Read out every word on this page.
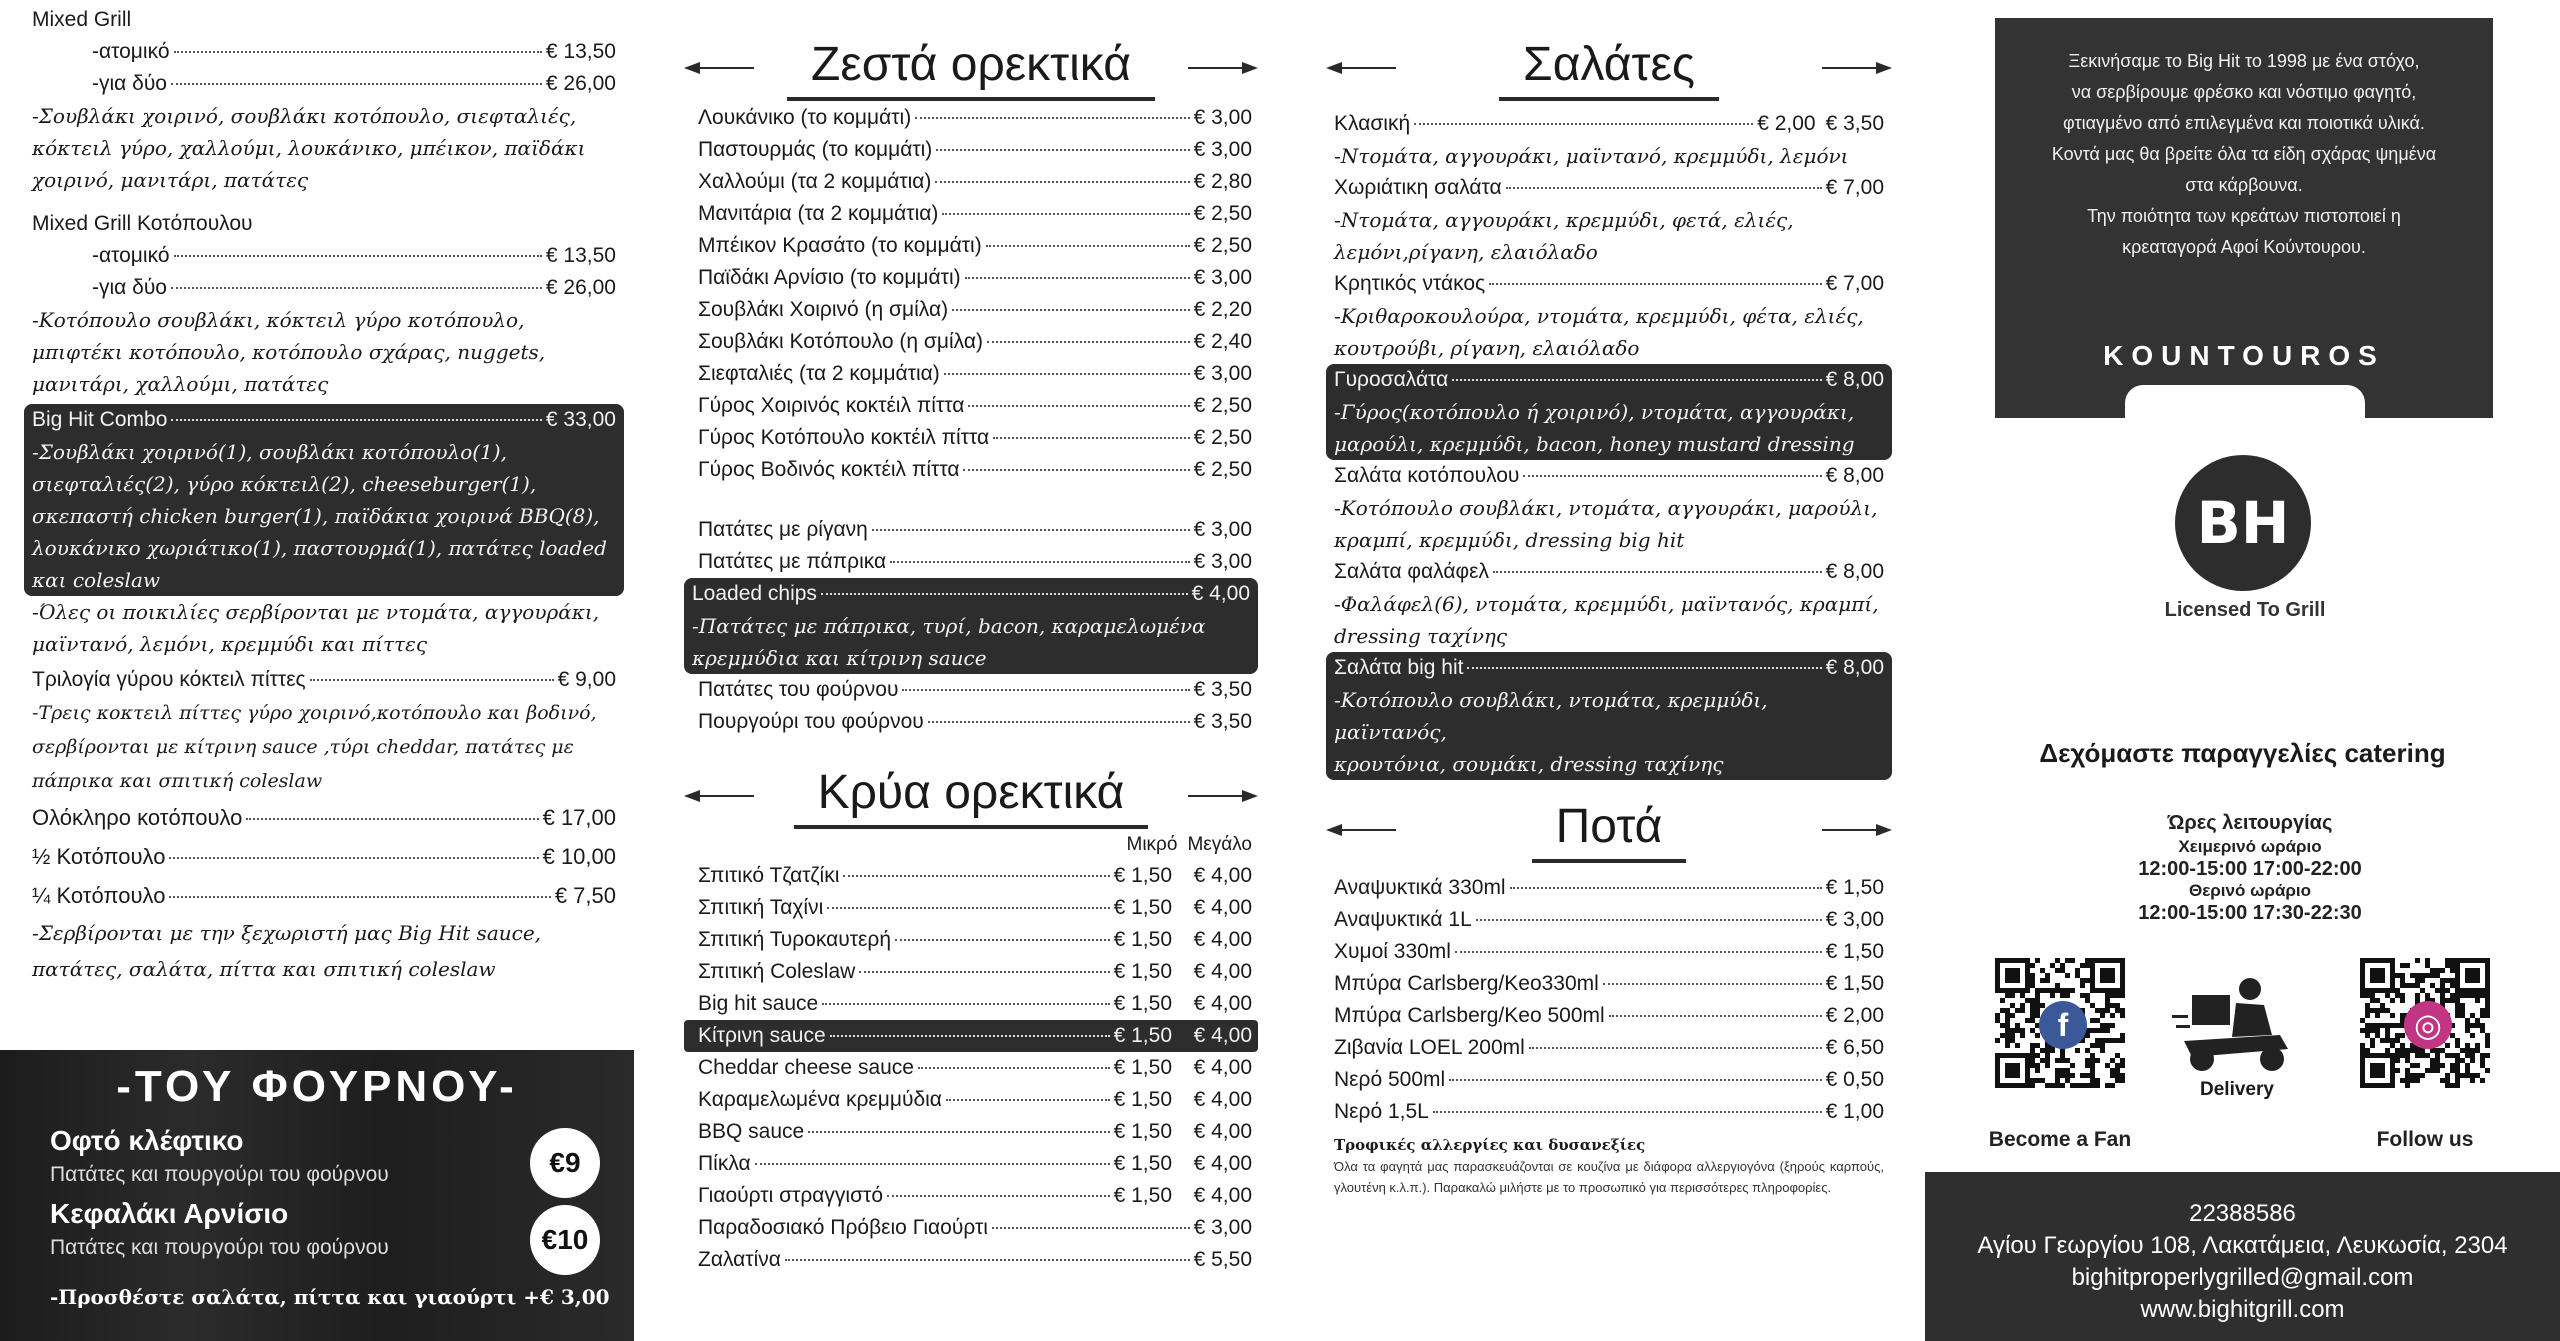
Mixed Grill
-ατομικό	€ 13,50
-για δύο	€ 26,00
-Σουβλάκι χοιρινό, σουβλάκι κοτόπουλο, σιεφταλιές,
κόκτειλ γύρο, χαλλούμι, λουκάνικο, μπέικον, παϊδάκι
χοιρινό, μανιτάρι, πατάτες
Mixed Grill Κοτόπουλου
-ατομικό	€ 13,50
-για δύο	€ 26,00
-Κοτόπουλο σουβλάκι, κόκτειλ γύρο κοτόπουλο,
μπιφτέκι κοτόπουλο, κοτόπουλο σχάρας, nuggets,
μανιτάρι, χαλλούμι, πατάτες
Big Hit Combo	€ 33,00
-Σουβλάκι χοιρινό(1), σουβλάκι κοτόπουλο(1),
σιεφταλιές(2), γύρο κόκτειλ(2), cheeseburger(1),
σκεπαστή chicken burger(1), παϊδάκια χοιρινά BBQ(8),
λουκάνικο χωριάτικο(1), παστουρμά(1), πατάτες loaded
και coleslaw
-Όλες οι ποικιλίες σερβίρονται με ντομάτα, αγγουράκι,
μαϊντανό, λεμόνι, κρεμμύδι και πίττες
Τριλογία γύρου κόκτειλ πίττες	€ 9,00
-Τρεις κοκτειλ πίττες γύρο χοιρινό,κοτόπουλο και βοδινό,
σερβίρονται με κίτρινη sauce ,τύρι cheddar, πατάτες με
πάπρικα και σπιτική coleslaw
Ολόκληρο κοτόπουλο	€ 17,00
½ Κοτόπουλο	€ 10,00
¼ Κοτόπουλο	€ 7,50
-Σερβίρονται με την ξεχωριστή μας Big Hit sauce,
πατάτες, σαλάτα, πίττα και σπιτική coleslaw
-ΤΟΥ ΦΟΥΡΝΟΥ-
Οφτό κλέφτικο
Πατάτες και πουργούρι του φούρνου	€9
Κεφαλάκι Αρνίσιο
Πατάτες και πουργούρι του φούρνου	€10
-Προσθέστε σαλάτα, πίττα και γιαούρτι +€ 3,00
Ζεστά ορεκτικά
Λουκάνικο (το κομμάτι)	€ 3,00
Παστουρμάς (το κομμάτι)	€ 3,00
Χαλλούμι (τα 2 κομμάτια)	€ 2,80
Μανιτάρια (τα 2 κομμάτια)	€ 2,50
Μπέικον Κρασάτο (το κομμάτι)	€ 2,50
Παϊδάκι Αρνίσιο (το κομμάτι)	€ 3,00
Σουβλάκι Χοιρινό (η σμίλα)	€ 2,20
Σουβλάκι Κοτόπουλο (η σμίλα)	€ 2,40
Σιεφταλιές (τα 2 κομμάτια)	€ 3,00
Γύρος Χοιρινός κοκτέιλ πίττα	€ 2,50
Γύρος Κοτόπουλο κοκτέιλ πίττα	€ 2,50
Γύρος Βοδινός κοκτέιλ πίττα	€ 2,50
Πατάτες με ρίγανη	€ 3,00
Πατάτες με πάπρικα	€ 3,00
Loaded chips	€ 4,00
-Πατάτες με πάπρικα, τυρί, bacon, καραμελωμένα
κρεμμύδια και κίτρινη sauce
Πατάτες του φούρνου	€ 3,50
Πουργούρι του φούρνου	€ 3,50
Κρύα ορεκτικά
Μικρό Μεγάλο
Σπιτικό Τζατζίκι	€ 1,50	€ 4,00
Σπιτική Ταχίνι	€ 1,50	€ 4,00
Σπιτική Τυροκαυτερή	€ 1,50	€ 4,00
Σπιτική Coleslaw	€ 1,50	€ 4,00
Big hit sauce	€ 1,50	€ 4,00
Κίτρινη sauce	€ 1,50	€ 4,00
Cheddar cheese sauce	€ 1,50	€ 4,00
Καραμελωμένα κρεμμύδια	€ 1,50	€ 4,00
BBQ sauce	€ 1,50	€ 4,00
Πίκλα	€ 1,50	€ 4,00
Γιαούρτι στραγγιστό	€ 1,50	€ 4,00
Παραδοσιακό Πρόβειο Γιαούρτι	€ 3,00
Ζαλατίνα	€ 5,50
Σαλάτες
Κλασική	€ 2,00 € 3,50
-Ντομάτα, αγγουράκι, μαϊντανό, κρεμμύδι, λεμόνι
Χωριάτικη σαλάτα	€ 7,00
-Ντομάτα, αγγουράκι, κρεμμύδι, φετά, ελιές,
λεμόνι,ρίγανη, ελαιόλαδο
Κρητικός ντάκος	€ 7,00
-Κριθαροκουλούρα, ντομάτα, κρεμμύδι, φέτα, ελιές,
κουτρούβι, ρίγανη, ελαιόλαδο
Γυροσαλάτα	€ 8,00
-Γύρος(κοτόπουλο ή χοιρινό), ντομάτα, αγγουράκι,
μαρούλι, κρεμμύδι, bacon, honey mustard dressing
Σαλάτα κοτόπουλου	€ 8,00
-Κοτόπουλο σουβλάκι, ντομάτα, αγγουράκι, μαρούλι,
κραμπί, κρεμμύδι, dressing big hit
Σαλάτα φαλάφελ	€ 8,00
-Φαλάφελ(6), ντομάτα, κρεμμύδι, μαϊντανός, κραμπί,
dressing ταχίνης
Σαλάτα big hit	€ 8,00
-Κοτόπουλο σουβλάκι, ντομάτα, κρεμμύδι, μαϊντανός,
κρουτόνια, σουμάκι, dressing ταχίνης
Ποτά
Αναψυκτικά 330ml	€ 1,50
Αναψυκτικά 1L	€ 3,00
Χυμοί 330ml	€ 1,50
Μπύρα Carlsberg/Keo330ml	€ 1,50
Μπύρα Carlsberg/Keo 500ml	€ 2,00
Ζιβανία LOEL 200ml	€ 6,50
Νερό 500ml	€ 0,50
Νερό 1,5L	€ 1,00
Τροφικές αλλεργίες και δυσανεξίες
Όλα τα φαγητά μας παρασκευάζονται σε κουζίνα με διάφορα αλλεργιογόνα (ξηρούς καρπούς, γλουτένη κ.λ.π.). Παρακαλώ μιλήστε με το προσωπικό για περισσότερες πληροφορίες.
Ξεκινήσαμε το Big Hit το 1998 με ένα στόχο,
να σερβίρουμε φρέσκο και νόστιμο φαγητό,
φτιαγμένο από επιλεγμένα και ποιοτικά υλικά.
Κοντά μας θα βρείτε όλα τα είδη σχάρας ψημένα
στα κάρβουνα.
Την ποιότητα των κρεάτων πιστοποιεί η
κρεαταγορά Αφοί Κούντουρου.
KOUNTOUROS
BH
Licensed To Grill
Δεχόμαστε παραγγελίες catering
Ώρες λειτουργίας
Χειμερινό ωράριο
12:00-15:00 17:00-22:00
Θερινό ωράριο
12:00-15:00 17:30-22:30
f
Become a Fan
Delivery
◎
Follow us
22388586
Αγίου Γεωργίου 108, Λακατάμεια, Λευκωσία, 2304
bighitproperlygrilled@gmail.com
www.bighitgrill.com
